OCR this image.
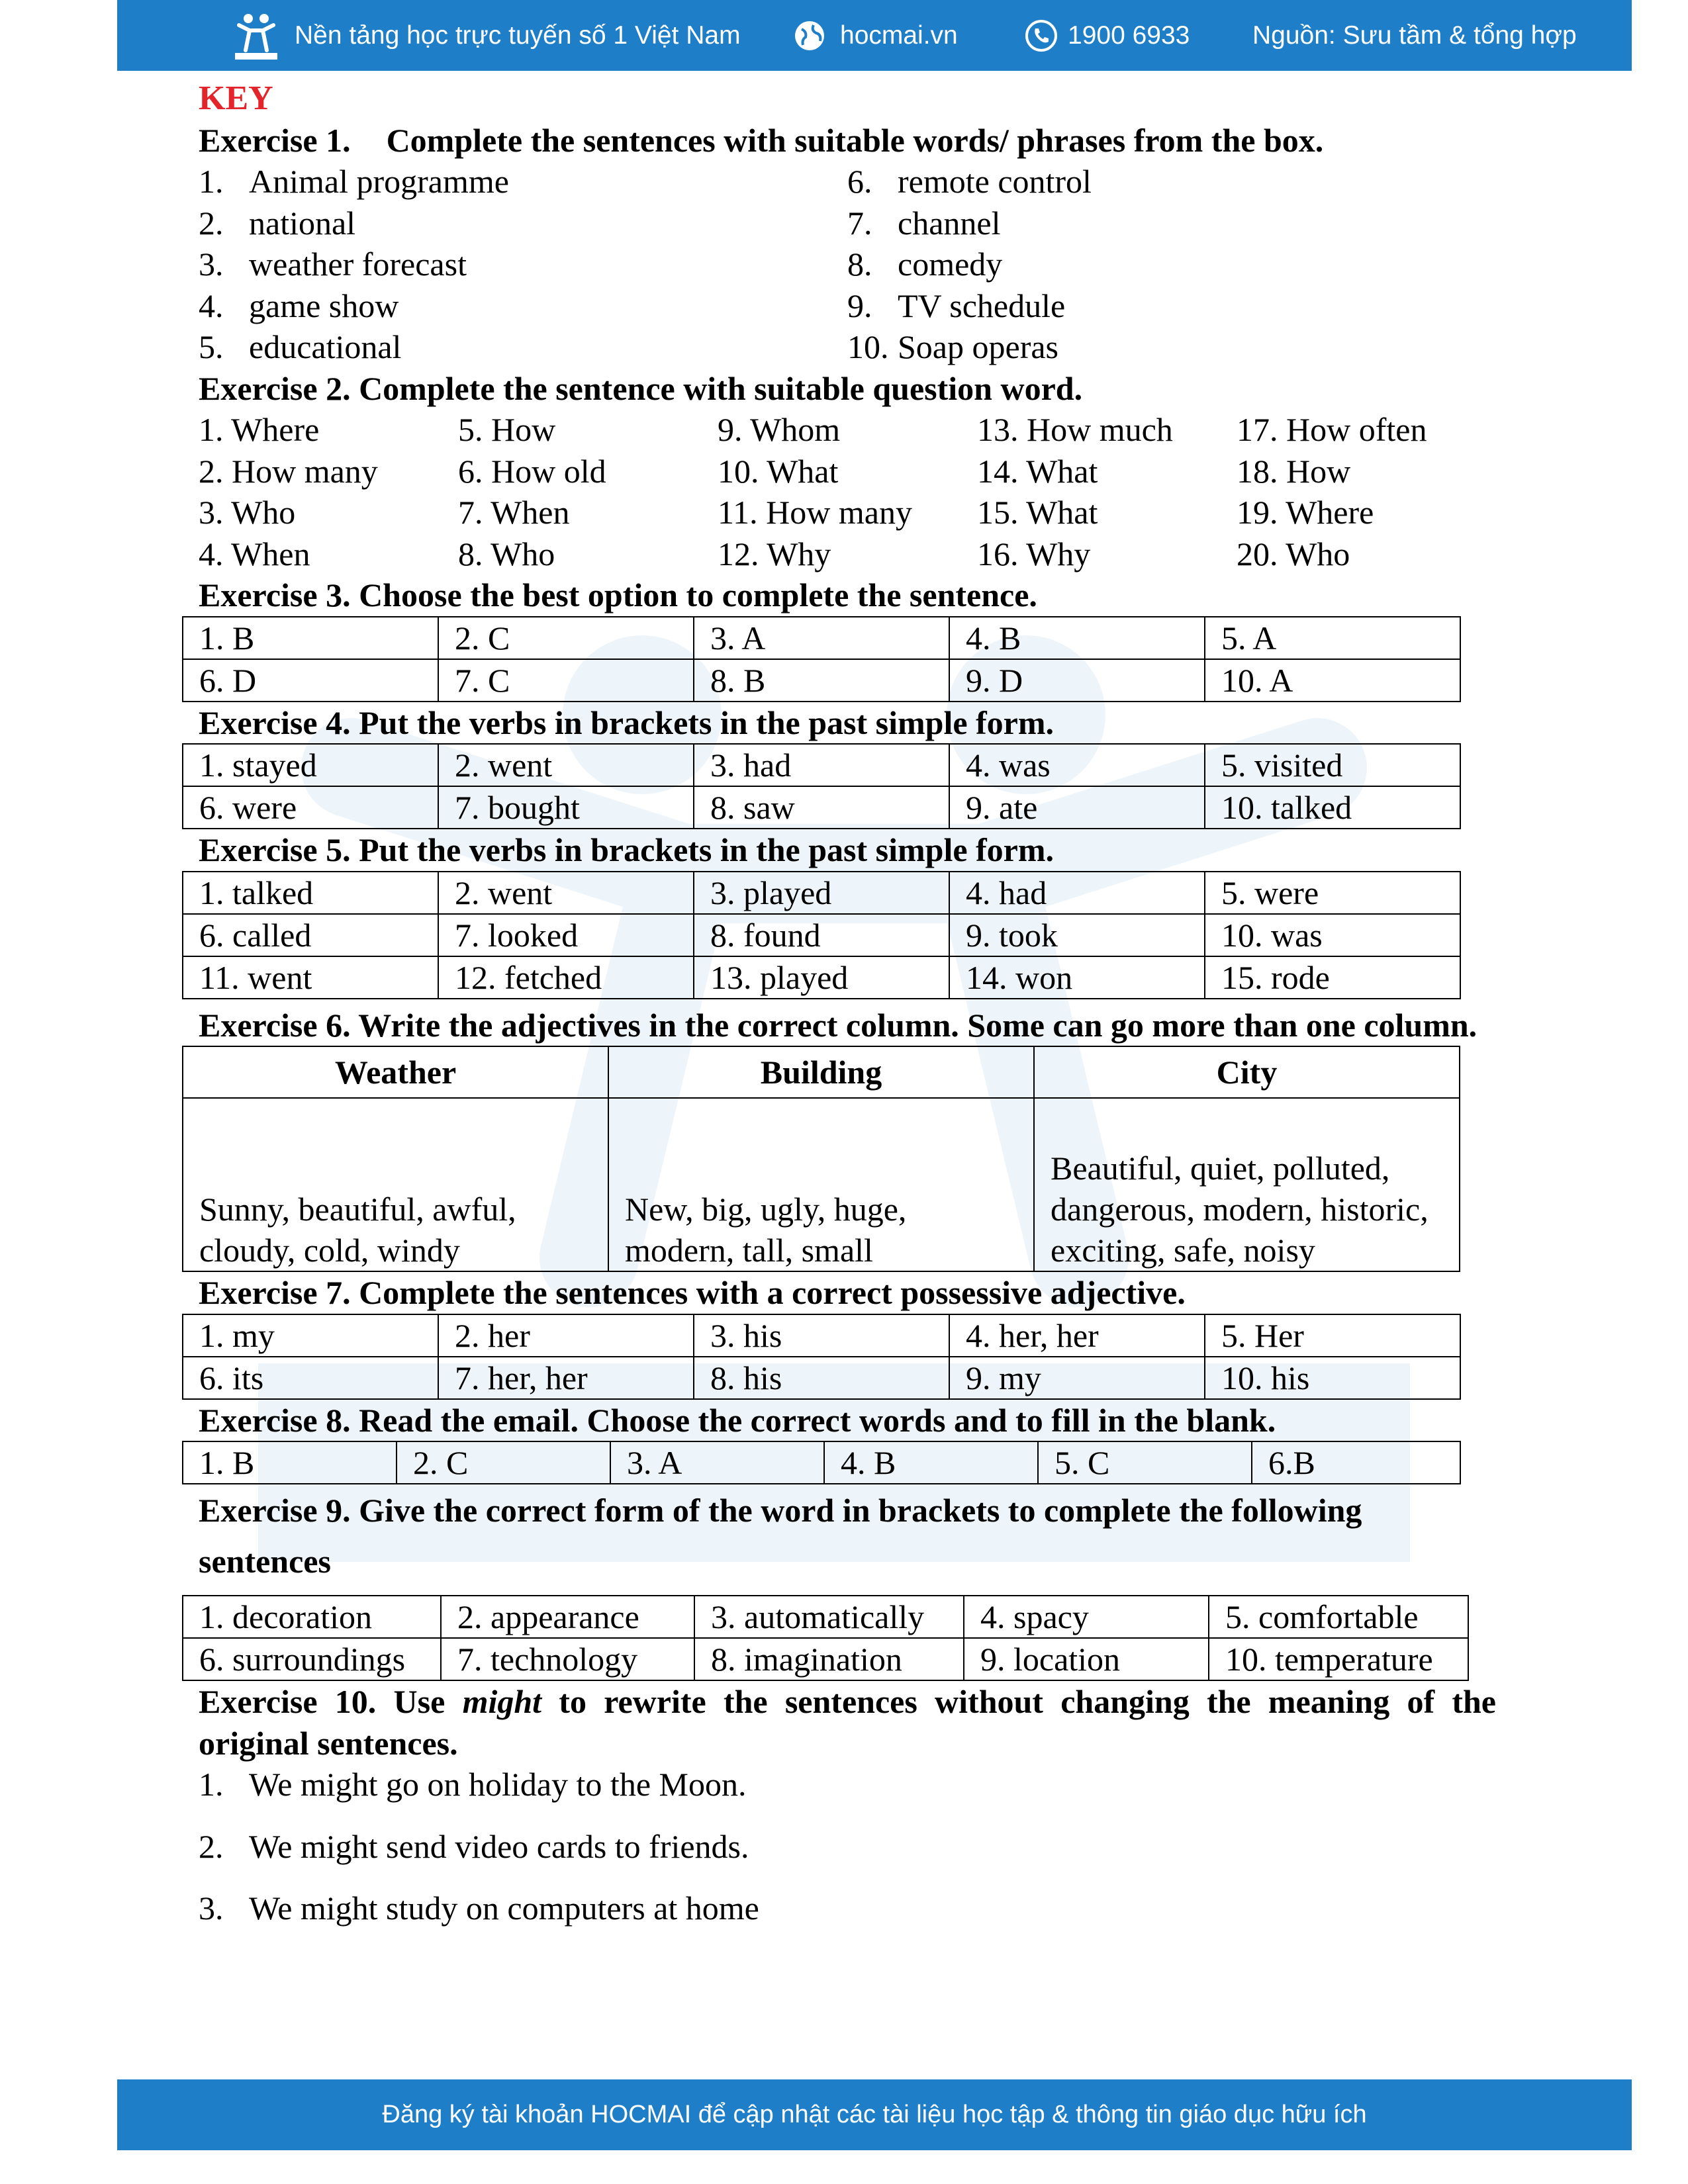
Nền tảng học trực tuyến số 1 Việt Nam	hocmai.vn	1900 6933 Nguồn: Sưu tầm & tổng hợp
KEY
Exercise 1. Complete the sentences with suitable words/ phrases from the box.
1. Animal programme
2. national
3. weather forecast
4. game show
5. educational
6. remote control
7. channel
8. comedy
9. TV schedule
10. Soap operas
Exercise 2. Complete the sentence with suitable question word.
1. Where	5. How	9. Whom	13. How much	17. How often
2. How many	6. How old	10. What	14. What	18. How
3. Who	7. When	11. How many	15. What	19. Where
4. When	8. Who	12. Why	16. Why	20. Who
Exercise 3. Choose the best option to complete the sentence.
1. B	2. C	3. A	4. B	5. A
6. D	7. C	8. B	9. D	10. A
Exercise 4. Put the verbs in brackets in the past simple form.
1. stayed	2. went	3. had	4. was	5. visited
6. were	7. bought	8. saw	9. ate	10. talked
Exercise 5. Put the verbs in brackets in the past simple form.
1. talked	2. went	3. played	4. had	5. were
6. called	7. looked	8. found	9. took	10. was
11. went	12. fetched	13. played	14. won	15. rode
Exercise 6. Write the adjectives in the correct column. Some can go more than one column.
Weather	Building	City

Sunny, beautiful, awful, cloudy, cold, windy	New, big, ugly, huge, modern, tall, small	Beautiful, quiet, polluted, dangerous, modern, historic, exciting, safe, noisy
Exercise 7. Complete the sentences with a correct possessive adjective.
1. my	2. her	3. his	4. her, her	5. Her
6. its	7. her, her	8. his	9. my	10. his
Exercise 8. Read the email. Choose the correct words and to fill in the blank.
1. B	2. C	3. A	4. B	5. C	6.B
Exercise 9. Give the correct form of the word in brackets to complete the following
sentences
1. decoration	2. appearance	3. automatically	4. spacy	5. comfortable
6. surroundings	7. technology	8. imagination	9. location	10. temperature
Exercise 10. Use might to rewrite the sentences without changing the meaning of the original sentences.
1. We might go on holiday to the Moon.
2. We might send video cards to friends.
3. We might study on computers at home
Đăng ký tài khoản HOCMAI để cập nhật các tài liệu học tập & thông tin giáo dục hữu ích
